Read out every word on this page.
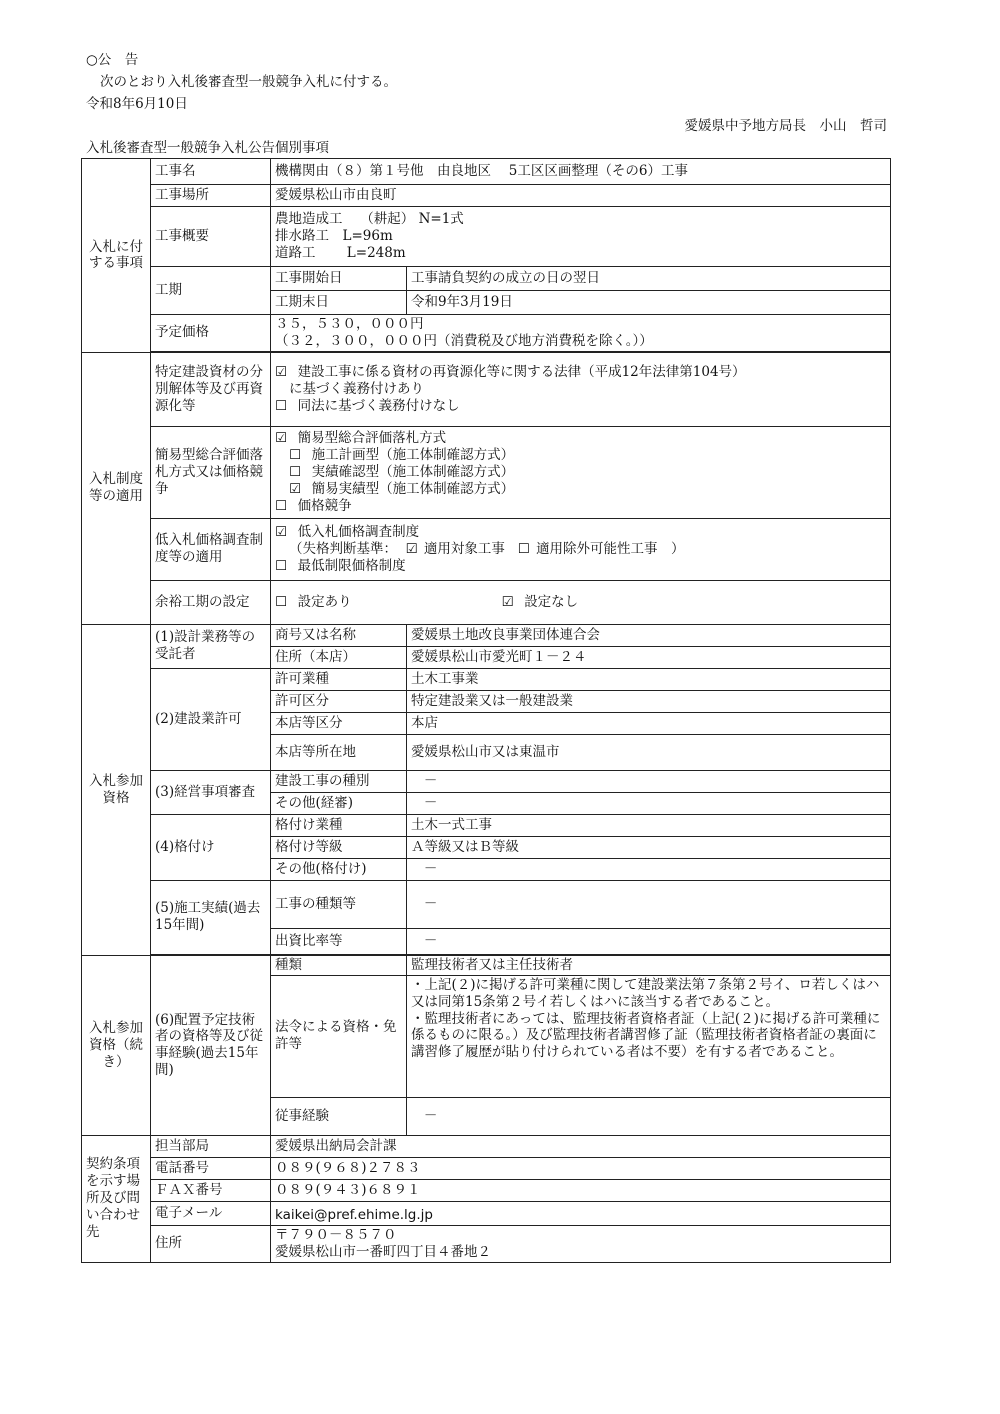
○公　告
次のとおり入札後審査型一般競争入札に付する。
令和8年6月10日
愛媛県中予地方局長　小山　哲司
入札後審査型一般競争入札公告個別事項
入札に付する事項	工事名	機構関由（８）第１号他　由良地区　 5工区区画整理（その6）工事	
	工事場所	愛媛県松山市由良町	
	工事概要	農地造成工　 （耕起） N=1式
排水路工　L=96m
道路工　　 L=248m	

	工期	工事開始日	工事請負契約の成立の日の翌日
		工期末日	令和9年3月19日
	予定価格	３５，５３０，０００円
（３２，３００，０００円（消費税及び地方消費税を除く。））	

入札制度等の適用	特定建設資材の分別解体等及び再資源化等	☑ 建設工事に係る資材の再資源化等に関する法律（平成12年法律第104号）
に基づく義務付けあり
☐ 同法に基づく義務付けなし	

	簡易型総合評価落札方式又は価格競争	☑ 簡易型総合評価落札方式
☐ 施工計画型（施工体制確認方式）
☐ 実績確認型（施工体制確認方式）
☑ 簡易実績型（施工体制確認方式）
☐ 価格競争	

	低入札価格調査制度等の適用	☑ 低入札価格調査制度
（失格判断基準： ☑ 適用対象工事 ☐ 適用除外可能性工事　）
☐ 最低制限価格制度	

	余裕工期の設定	☐ 設定あり ☑ 設定なし	
入札参加資格	(1)設計業務等の受託者	商号又は名称	愛媛県土地改良事業団体連合会
		住所（本店）	愛媛県松山市愛光町１－２４
	(2)建設業許可	許可業種	土木工事業
		許可区分	特定建設業又は一般建設業
		本店等区分	本店
		本店等所在地	愛媛県松山市又は東温市
	(3)経営事項審査	建設工事の種別	－
		その他(経審)	－
	(4)格付け	格付け業種	土木一式工事
		格付け等級	Ａ等級又はＢ等級
		その他(格付け)	－
	(5)施工実績(過去15年間)	工事の種類等	－
		出資比率等	－

入札参加資格（続き）	(6)配置予定技術者の資格等及び従事経験(過去15年間)	種類	監理技術者又は主任技術者
		法令による資格・免許等	・上記(２)に掲げる許可業種に関して建設業法第７条第２号イ、ロ若しくはハ又は同第15条第２号イ若しくはハに該当する者であること。
・監理技術者にあっては、監理技術者資格者証（上記(２)に掲げる許可業種に係るものに限る。）及び監理技術者講習修了証（監理技術者資格者証の裏面に講習修了履歴が貼り付けられている者は不要）を有する者であること。

		従事経験	－
契約条項を示す場所及び問い合わせ先	担当部局	愛媛県出納局会計課	
	電話番号	０８９(９６８)２７８３	
	ＦＡＸ番号	０８９(９４３)６８９１	
	電子メール	kaikei@pref.ehime.lg.jp	
	住所	〒７９０－８５７０
愛媛県松山市一番町四丁目４番地２	
